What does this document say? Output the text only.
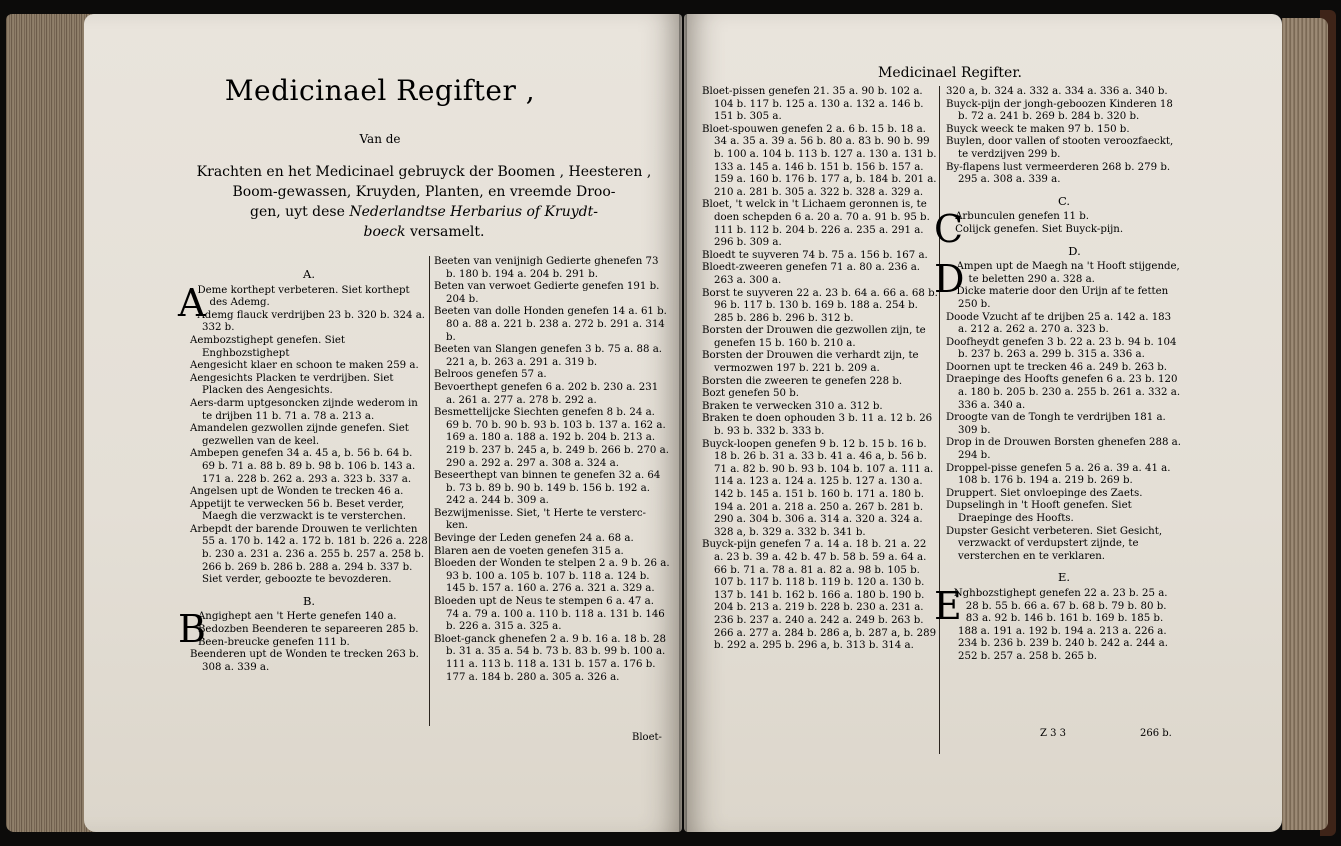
Medicinael Regifter ,
Van de
Krachten en het Medicinael gebruyck der Boomen , Heesteren ,
Boom-gewassen, Kruyden, Planten, en vreemde Droo-
gen, uyt dese Nederlandtse Herbarius of Kruydt-
boeck versamelt.
A.
A

Deme korthept verbeteren. Siet korthept des Ademg.

Ademg flauck verdrijben 23 b. 320 b. 324 a. 332 b.

Aembozstighept genefen. Siet Enghbozstighept

Aengesicht klaer en schoon te maken 259 a.

Aengesichts Placken te verdrijben. Siet Placken des Aengesichts.

Aers-darm uptgesoncken zijnde wederom in te drijben 11 b. 71 a. 78 a. 213 a.

Amandelen gezwollen zijnde genefen. Siet gezwellen van de keel.

Ambepen genefen 34 a. 45 a, b. 56 b. 64 b. 69 b. 71 a. 88 b. 89 b. 98 b. 106 b. 143 a. 171 a. 228 b. 262 a. 293 a. 323 b. 337 a.

Angelsen upt de Wonden te trecken 46 a.

Appetijt te verwecken 56 b. Beset verder, Maegh die verzwackt is te versterchen.

Arbepdt der barende Drouwen te verlichten 55 a. 170 b. 142 a. 172 b. 181 b. 226 a. 228 b. 230 a. 231 a. 236 a. 255 b. 257 a. 258 b. 266 b. 269 b. 286 b. 288 a. 294 b. 337 b. Siet verder, geboozte te bevozderen.

B.
B

Angighept aen 't Herte genefen 140 a.

Bedozben Beenderen te separeeren 285 b.

Been-breucke genefen 111 b.

Beenderen upt de Wonden te trecken 263 b. 308 a. 339 a.

Beeten van venijnigh Gedierte ghenefen 73 b. 180 b. 194 a. 204 b. 291 b.

Beten van verwoet Gedierte genefen 191 b. 204 b.

Beeten van dolle Honden genefen 14 a. 61 b. 80 a. 88 a. 221 b. 238 a. 272 b. 291 a. 314 b.

Beeten van Slangen genefen 3 b. 75 a. 88 a. 221 a, b. 263 a. 291 a. 319 b.

Belroos genefen 57 a.

Bevoerthept genefen 6 a. 202 b. 230 a. 231 a. 261 a. 277 a. 278 b. 292 a.

Besmettelijcke Siechten genefen 8 b. 24 a. 69 b. 70 b. 90 b. 93 b. 103 b. 137 a. 162 a. 169 a. 180 a. 188 a. 192 b. 204 b. 213 a. 219 b. 237 b. 245 a, b. 249 b. 266 b. 270 a. 290 a. 292 a. 297 a. 308 a. 324 a.

Beseerthept van binnen te genefen 32 a. 64 b. 73 b. 89 b. 90 b. 149 b. 156 b. 192 a. 242 a. 244 b. 309 a.

Bezwijmenisse. Siet, 't Herte te versterc- ken.

Bevinge der Leden genefen 24 a. 68 a.

Blaren aen de voeten genefen 315 a.

Bloeden der Wonden te stelpen 2 a. 9 b. 26 a. 93 b. 100 a. 105 b. 107 b. 118 a. 124 b. 145 b. 157 a. 160 a. 276 a. 321 a. 329 a.

Bloeden upt de Neus te stempen 6 a. 47 a. 74 a. 79 a. 100 a. 110 b. 118 a. 131 b. 146 b. 226 a. 315 a. 325 a.

Bloet-ganck ghenefen 2 a. 9 b. 16 a. 18 b. 28 b. 31 a. 35 a. 54 b. 73 b. 83 b. 99 b. 100 a. 111 a. 113 b. 118 a. 131 b. 157 a. 176 b. 177 a. 184 b. 280 a. 305 a. 326 a.

Bloet-
Medicinael Regifter.

Bloet-pissen genefen 21. 35 a. 90 b. 102 a. 104 b. 117 b. 125 a. 130 a. 132 a. 146 b. 151 b. 305 a.

Bloet-spouwen genefen 2 a. 6 b. 15 b. 18 a. 34 a. 35 a. 39 a. 56 b. 80 a. 83 b. 90 b. 99 b. 100 a. 104 b. 113 b. 127 a. 130 a. 131 b. 133 a. 145 a. 146 b. 151 b. 156 b. 157 a. 159 a. 160 b. 176 b. 177 a, b. 184 b. 201 a. 210 a. 281 b. 305 a. 322 b. 328 a. 329 a.

Bloet, 't welck in 't Lichaem geronnen is, te doen schepden 6 a. 20 a. 70 a. 91 b. 95 b. 111 b. 112 b. 204 b. 226 a. 235 a. 291 a. 296 b. 309 a.

Bloedt te suyveren 74 b. 75 a. 156 b. 167 a.

Bloedt-zweeren genefen 71 a. 80 a. 236 a. 263 a. 300 a.

Borst te suyveren 22 a. 23 b. 64 a. 66 a. 68 b. 96 b. 117 b. 130 b. 169 b. 188 a. 254 b. 285 b. 286 b. 296 b. 312 b.

Borsten der Drouwen die gezwollen zijn, te genefen 15 b. 160 b. 210 a.

Borsten der Drouwen die verhardt zijn, te vermozwen 197 b. 221 b. 209 a.

Borsten die zweeren te genefen 228 b.

Bozt genefen 50 b.

Braken te verwecken 310 a. 312 b.

Braken te doen ophouden 3 b. 11 a. 12 b. 26 b. 93 b. 332 b. 333 b.

Buyck-loopen genefen 9 b. 12 b. 15 b. 16 b. 18 b. 26 b. 31 a. 33 b. 41 a. 46 a, b. 56 b. 71 a. 82 b. 90 b. 93 b. 104 b. 107 a. 111 a. 114 a. 123 a. 124 a. 125 b. 127 a. 130 a. 142 b. 145 a. 151 b. 160 b. 171 a. 180 b. 194 a. 201 a. 218 a. 250 a. 267 b. 281 b. 290 a. 304 b. 306 a. 314 a. 320 a. 324 a. 328 a, b. 329 a. 332 b. 341 b.

Buyck-pijn genefen 7 a. 14 a. 18 b. 21 a. 22 a. 23 b. 39 a. 42 b. 47 b. 58 b. 59 a. 64 a. 66 b. 71 a. 78 a. 81 a. 82 a. 98 b. 105 b. 107 b. 117 b. 118 b. 119 b. 120 a. 130 b. 137 b. 141 b. 162 b. 166 a. 180 b. 190 b. 204 b. 213 a. 219 b. 228 b. 230 a. 231 a. 236 b. 237 a. 240 a. 242 a. 249 b. 263 b. 266 a. 277 a. 284 b. 286 a, b. 287 a, b. 289 b. 292 a. 295 b. 296 a, b. 313 b. 314 a.

320 a, b. 324 a. 332 a. 334 a. 336 a. 340 b.

Buyck-pijn der jongh-geboozen Kinderen 18 b. 72 a. 241 b. 269 b. 284 b. 320 b.

Buyck weeck te maken 97 b. 150 b.

Buylen, door vallen of stooten veroozfaeckt, te verdzijven 299 b.

By-flapens lust vermeerderen 268 b. 279 b. 295 a. 308 a. 339 a.

C.
C

Arbunculen genefen 11 b.

Colijck genefen. Siet Buyck-pijn.

D.
D

Ampen upt de Maegh na 't Hooft stijgende, te beletten 290 a. 328 a.

Dicke materie door den Urijn af te fetten 250 b.

Doode Vzucht af te drijben 25 a. 142 a. 183 a. 212 a. 262 a. 270 a. 323 b.

Doofheydt genefen 3 b. 22 a. 23 b. 94 b. 104 b. 237 b. 263 a. 299 b. 315 a. 336 a.

Doornen upt te trecken 46 a. 249 b. 263 b.

Draepinge des Hoofts genefen 6 a. 23 b. 120 a. 180 b. 205 b. 230 a. 255 b. 261 a. 332 a. 336 a. 340 a.

Droogte van de Tongh te verdrijben 181 a. 309 b.

Drop in de Drouwen Borsten ghenefen 288 a. 294 b.

Droppel-pisse genefen 5 a. 26 a. 39 a. 41 a. 108 b. 176 b. 194 a. 219 b. 269 b.

Druppert. Siet onvloepinge des Zaets.

Dupselingh in 't Hooft genefen. Siet Draepinge des Hoofts.

Dupster Gesicht verbeteren. Siet Gesicht, verzwackt of verdupstert zijnde, te versterchen en te verklaren.

E.
E

Nghbozstighept genefen 22 a. 23 b. 25 a. 28 b. 55 b. 66 a. 67 b. 68 b. 79 b. 80 b. 83 a. 92 b. 146 b. 161 b. 169 b. 185 b. 188 a. 191 a. 192 b. 194 a. 213 a. 226 a. 234 b. 236 b. 239 b. 240 b. 242 a. 244 a. 252 b. 257 a. 258 b. 265 b.

Z 3 3	266 b.
